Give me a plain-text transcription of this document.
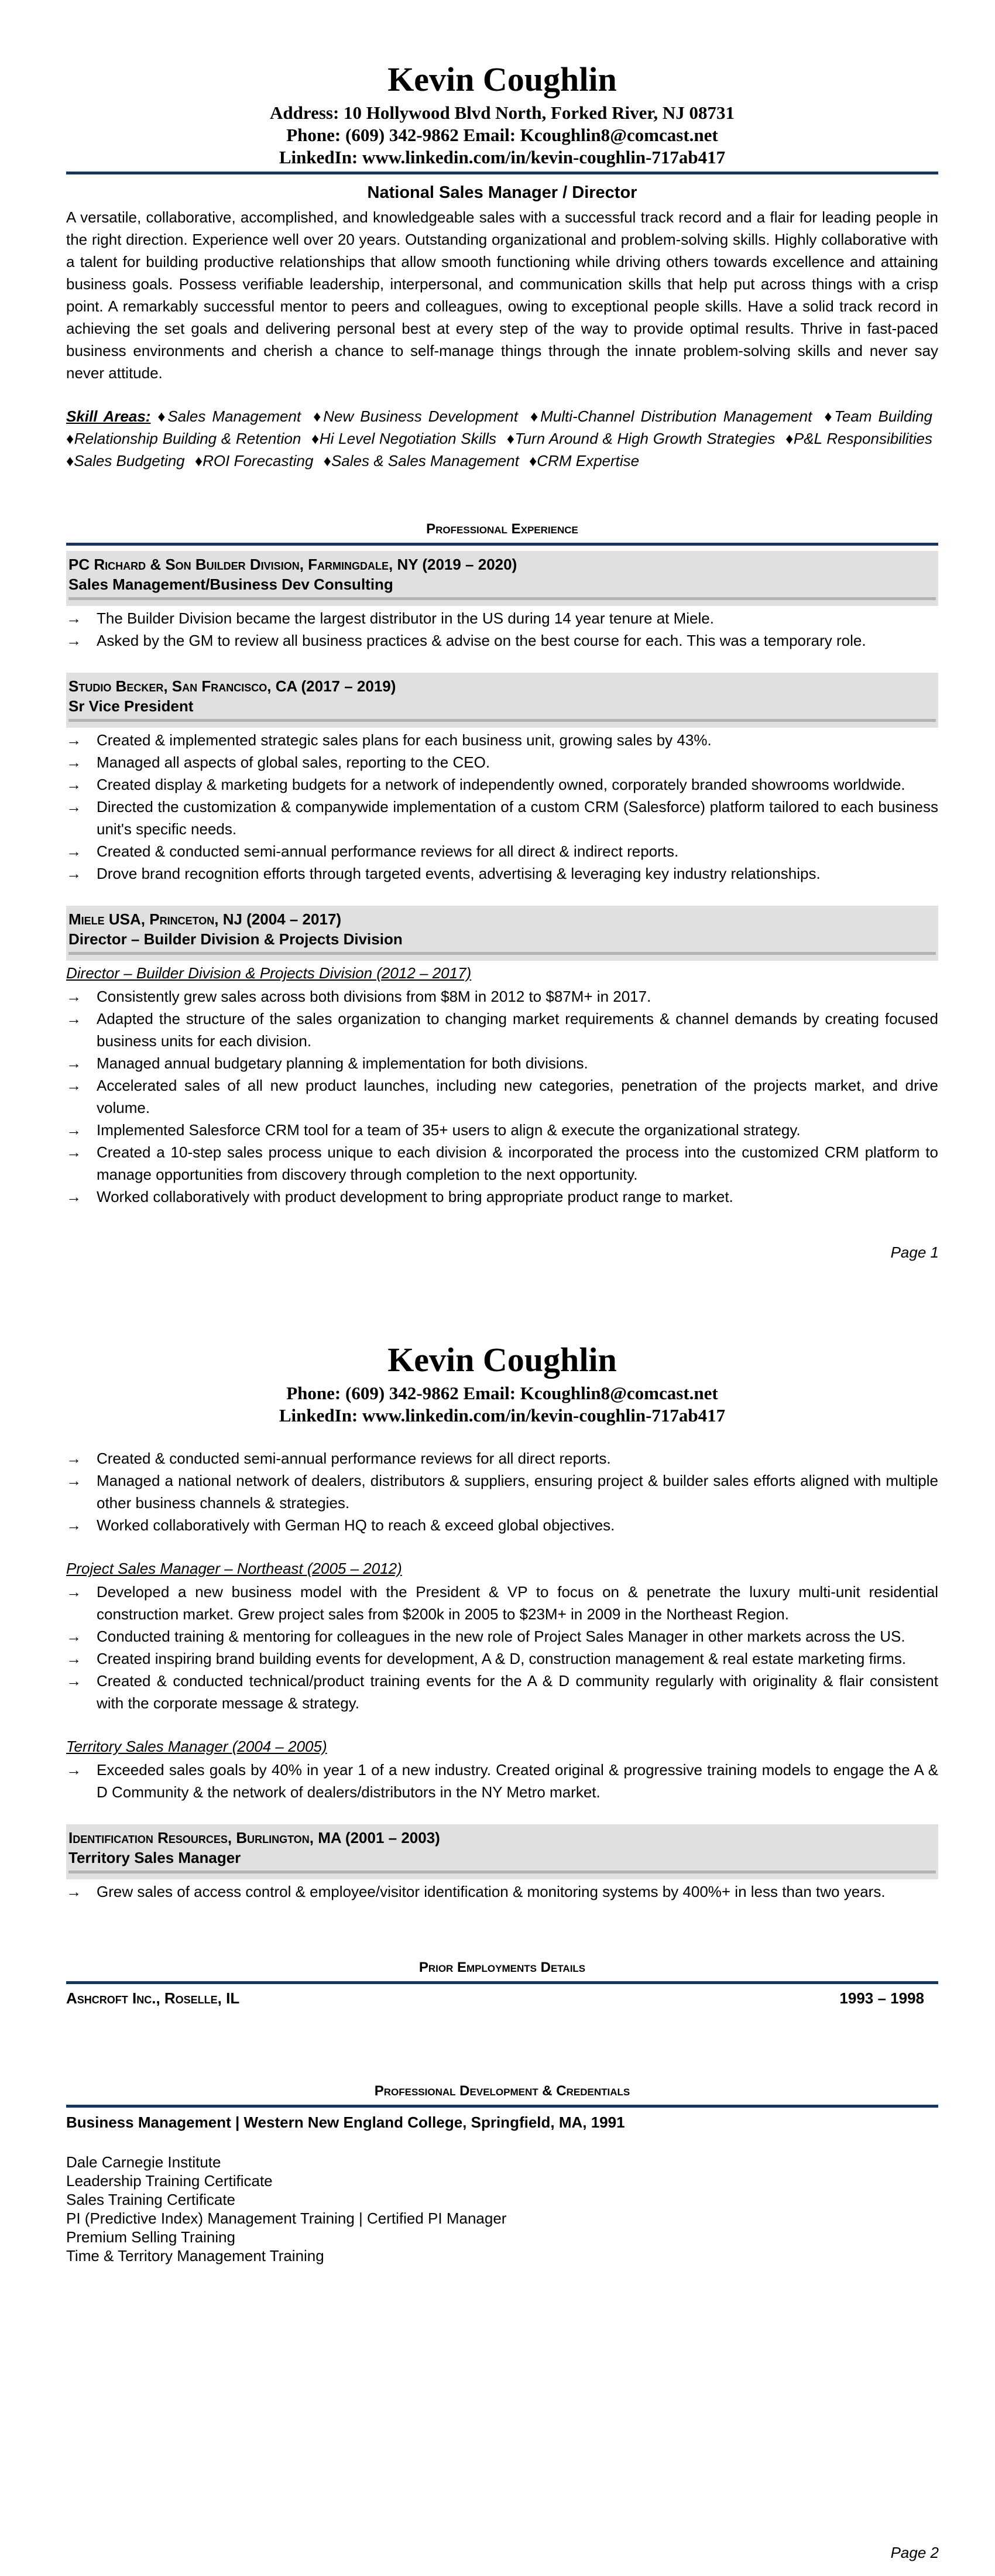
Kevin Coughlin
Address: 10 Hollywood Blvd North, Forked River, NJ 08731
Phone: (609) 342-9862 Email: Kcoughlin8@comcast.net
LinkedIn: www.linkedin.com/in/kevin-coughlin-717ab417
National Sales Manager / Director
A versatile, collaborative, accomplished, and knowledgeable sales with a successful track record and a flair for leading people in the right direction. Experience well over 20 years. Outstanding organizational and problem-solving skills. Highly collaborative with a talent for building productive relationships that allow smooth functioning while driving others towards excellence and attaining business goals. Possess verifiable leadership, interpersonal, and communication skills that help put across things with a crisp point. A remarkably successful mentor to peers and colleagues, owing to exceptional people skills. Have a solid track record in achieving the set goals and delivering personal best at every step of the way to provide optimal results. Thrive in fast-paced business environments and cherish a chance to self-manage things through the innate problem-solving skills and never say never attitude.
Skill Areas: ♦Sales Management ♦New Business Development ♦Multi-Channel Distribution Management ♦Team Building ♦Relationship Building & Retention ♦Hi Level Negotiation Skills ♦Turn Around & High Growth Strategies ♦P&L Responsibilities ♦Sales Budgeting ♦ROI Forecasting ♦Sales & Sales Management ♦CRM Expertise
Professional Experience
PC Richard & Son Builder Division, Farmingdale, NY (2019 – 2020)
Sales Management/Business Dev Consulting
→ The Builder Division became the largest distributor in the US during 14 year tenure at Miele.
→ Asked by the GM to review all business practices & advise on the best course for each. This was a temporary role.
Studio Becker, San Francisco, CA (2017 – 2019)
Sr Vice President
→ Created & implemented strategic sales plans for each business unit, growing sales by 43%.
→ Managed all aspects of global sales, reporting to the CEO.
→ Created display & marketing budgets for a network of independently owned, corporately branded showrooms worldwide.
→ Directed the customization & companywide implementation of a custom CRM (Salesforce) platform tailored to each business unit's specific needs.
→ Created & conducted semi-annual performance reviews for all direct & indirect reports.
→ Drove brand recognition efforts through targeted events, advertising & leveraging key industry relationships.
Miele USA, Princeton, NJ (2004 – 2017)
Director – Builder Division & Projects Division
Director – Builder Division & Projects Division (2012 – 2017)
→ Consistently grew sales across both divisions from $8M in 2012 to $87M+ in 2017.
→ Adapted the structure of the sales organization to changing market requirements & channel demands by creating focused business units for each division.
→ Managed annual budgetary planning & implementation for both divisions.
→ Accelerated sales of all new product launches, including new categories, penetration of the projects market, and drive volume.
→ Implemented Salesforce CRM tool for a team of 35+ users to align & execute the organizational strategy.
→ Created a 10-step sales process unique to each division & incorporated the process into the customized CRM platform to manage opportunities from discovery through completion to the next opportunity.
→ Worked collaboratively with product development to bring appropriate product range to market.
Page 1
Kevin Coughlin
Phone: (609) 342-9862 Email: Kcoughlin8@comcast.net
LinkedIn: www.linkedin.com/in/kevin-coughlin-717ab417
→ Created & conducted semi-annual performance reviews for all direct reports.
→ Managed a national network of dealers, distributors & suppliers, ensuring project & builder sales efforts aligned with multiple other business channels & strategies.
→ Worked collaboratively with German HQ to reach & exceed global objectives.
Project Sales Manager – Northeast (2005 – 2012)
→ Developed a new business model with the President & VP to focus on & penetrate the luxury multi-unit residential construction market. Grew project sales from $200k in 2005 to $23M+ in 2009 in the Northeast Region.
→ Conducted training & mentoring for colleagues in the new role of Project Sales Manager in other markets across the US.
→ Created inspiring brand building events for development, A & D, construction management & real estate marketing firms.
→ Created & conducted technical/product training events for the A & D community regularly with originality & flair consistent with the corporate message & strategy.
Territory Sales Manager (2004 – 2005)
→ Exceeded sales goals by 40% in year 1 of a new industry. Created original & progressive training models to engage the A & D Community & the network of dealers/distributors in the NY Metro market.
Identification Resources, Burlington, MA (2001 – 2003)
Territory Sales Manager
→ Grew sales of access control & employee/visitor identification & monitoring systems by 400%+ in less than two years.
Prior Employments Details
Ashcroft Inc., Roselle, IL	1993 – 1998
Professional Development & Credentials
Business Management | Western New England College, Springfield, MA, 1991
Dale Carnegie Institute
Leadership Training Certificate
Sales Training Certificate
PI (Predictive Index) Management Training | Certified PI Manager
Premium Selling Training
Time & Territory Management Training
Page 2
